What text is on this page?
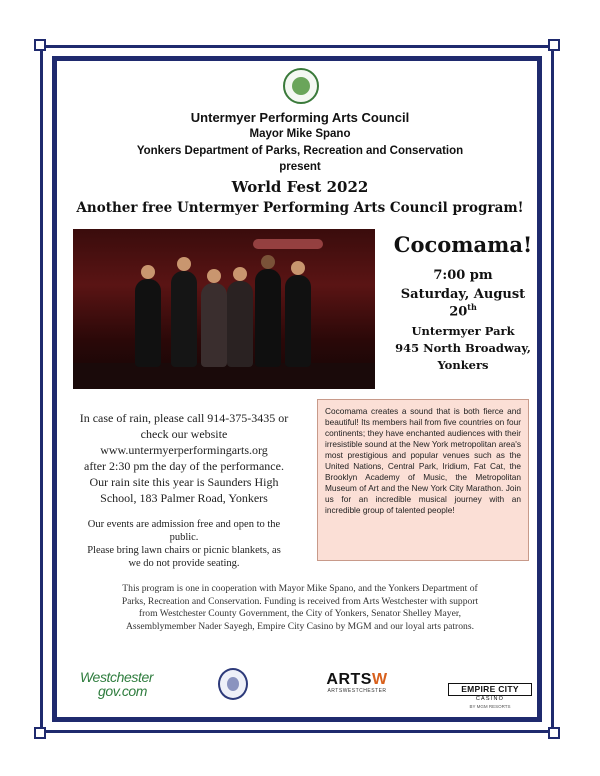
Untermyer Performing Arts Council
Mayor Mike Spano
Yonkers Department of Parks, Recreation and Conservation
present
World Fest 2022
Another free Untermyer Performing Arts Council program!
Cocomama!
7:00 pm
Saturday, August 20th
Untermyer Park
945 North Broadway,
Yonkers
In case of rain, please call 914-375-3435 or
check our website
www.untermyerperformingarts.org
after 2:30 pm the day of the performance.
Our rain site this year is Saunders High
School, 183 Palmer Road, Yonkers
Our events are admission free and open to the
public.
Please bring lawn chairs or picnic blankets, as
we do not provide seating.
Cocomama creates a sound that is both fierce and beautiful! Its members hail from five countries on four continents; they have enchanted audiences with their irresistible sound at the New York metropolitan area's most prestigious and popular venues such as the United Nations, Central Park, Iridium, Fat Cat, the Brooklyn Academy of Music, the Metropolitan Museum of Art and the New York City Marathon. Join us for an incredible musical journey with an incredible group of talented people!
This program is one in cooperation with Mayor Mike Spano, and the Yonkers Department of
Parks, Recreation and Conservation. Funding is received from Arts Westchester with support
from Westchester County Government, the City of Yonkers, Senator Shelley Mayer,
Assemblymember Nader Sayegh, Empire City Casino by MGM and our loyal arts patrons.
Westchester
gov.com
ARTSW
ARTSWESTCHESTER	EMPIRE CITY
CASINO
BY MGM RESORTS
